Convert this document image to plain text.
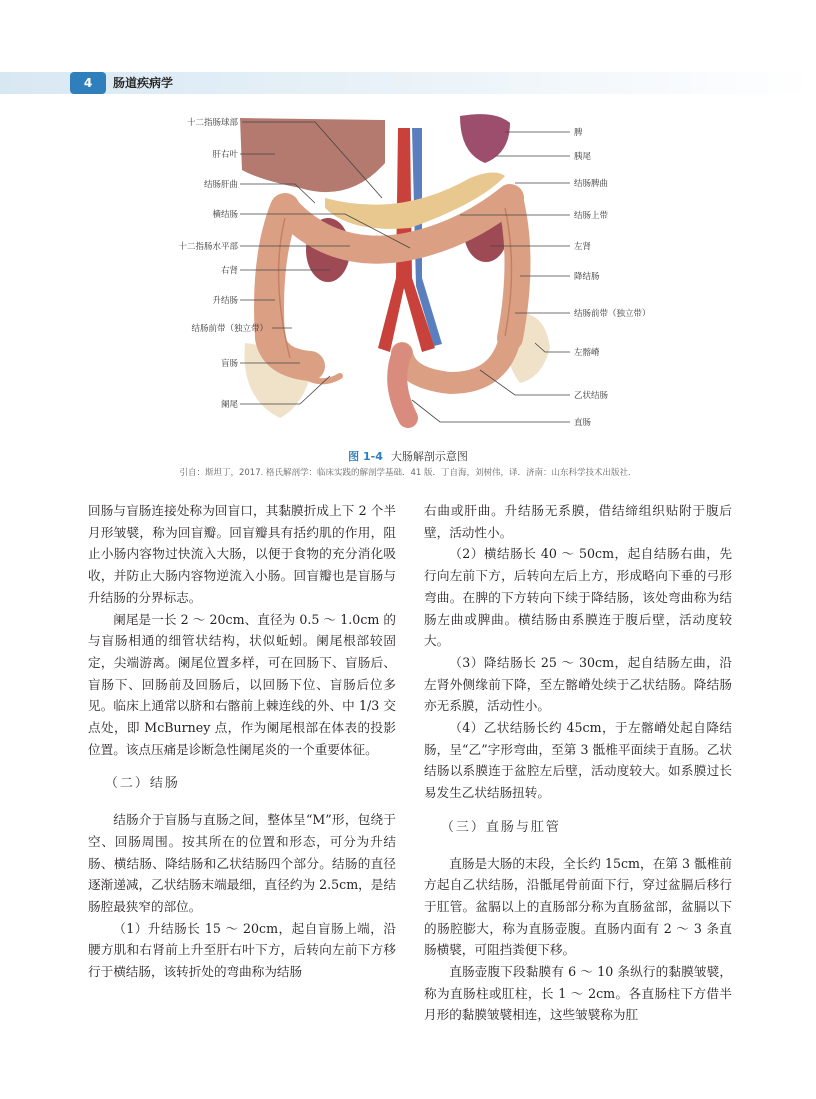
4	肠道疾病学
十二指肠球部
肝右叶
结肠肝曲
横结肠
十二指肠水平部
右肾
升结肠
结肠前带（独立带）
盲肠
阑尾
脾
胰尾
结肠脾曲
结肠上带
左肾
降结肠
结肠前带（独立带）
左髂嵴
乙状结肠
直肠
图 1-4 大肠解剖示意图
引自：斯坦丁，2017. 格氏解剖学：临床实践的解剖学基础．41 版．丁自海，刘树伟，译．济南：山东科学技术出版社．

回肠与盲肠连接处称为回盲口，其黏膜折成上下 2 个半月形皱襞，称为回盲瓣。回盲瓣具有括约肌的作用，阻止小肠内容物过快流入大肠，以便于食物的充分消化吸收，并防止大肠内容物逆流入小肠。回盲瓣也是盲肠与升结肠的分界标志。

阑尾是一长 2 ～ 20cm、直径为 0.5 ～ 1.0cm 的与盲肠相通的细管状结构，状似蚯蚓。阑尾根部较固定，尖端游离。阑尾位置多样，可在回肠下、盲肠后、盲肠下、回肠前及回肠后，以回肠下位、盲肠后位多见。临床上通常以脐和右髂前上棘连线的外、中 1/3 交点处，即 McBurney 点，作为阑尾根部在体表的投影位置。该点压痛是诊断急性阑尾炎的一个重要体征。

（二）结肠

结肠介于盲肠与直肠之间，整体呈“M”形，包绕于空、回肠周围。按其所在的位置和形态，可分为升结肠、横结肠、降结肠和乙状结肠四个部分。结肠的直径逐渐递减，乙状结肠末端最细，直径约为 2.5cm，是结肠腔最狭窄的部位。

（1）升结肠长 15 ～ 20cm，起自盲肠上端，沿腰方肌和右肾前上升至肝右叶下方，后转向左前下方移行于横结肠，该转折处的弯曲称为结肠

右曲或肝曲。升结肠无系膜，借结缔组织贴附于腹后壁，活动性小。

（2）横结肠长 40 ～ 50cm，起自结肠右曲，先行向左前下方，后转向左后上方，形成略向下垂的弓形弯曲。在脾的下方转向下续于降结肠，该处弯曲称为结肠左曲或脾曲。横结肠由系膜连于腹后壁，活动度较大。

（3）降结肠长 25 ～ 30cm，起自结肠左曲，沿左肾外侧缘前下降，至左髂嵴处续于乙状结肠。降结肠亦无系膜，活动性小。

（4）乙状结肠长约 45cm，于左髂嵴处起自降结肠，呈“乙”字形弯曲，至第 3 骶椎平面续于直肠。乙状结肠以系膜连于盆腔左后壁，活动度较大。如系膜过长易发生乙状结肠扭转。

（三）直肠与肛管

直肠是大肠的末段，全长约 15cm，在第 3 骶椎前方起自乙状结肠，沿骶尾骨前面下行，穿过盆膈后移行于肛管。盆膈以上的直肠部分称为直肠盆部，盆膈以下的肠腔膨大，称为直肠壶腹。直肠内面有 2 ～ 3 条直肠横襞，可阻挡粪便下移。

直肠壶腹下段黏膜有 6 ～ 10 条纵行的黏膜皱襞，称为直肠柱或肛柱，长 1 ～ 2cm。各直肠柱下方借半月形的黏膜皱襞相连，这些皱襞称为肛
